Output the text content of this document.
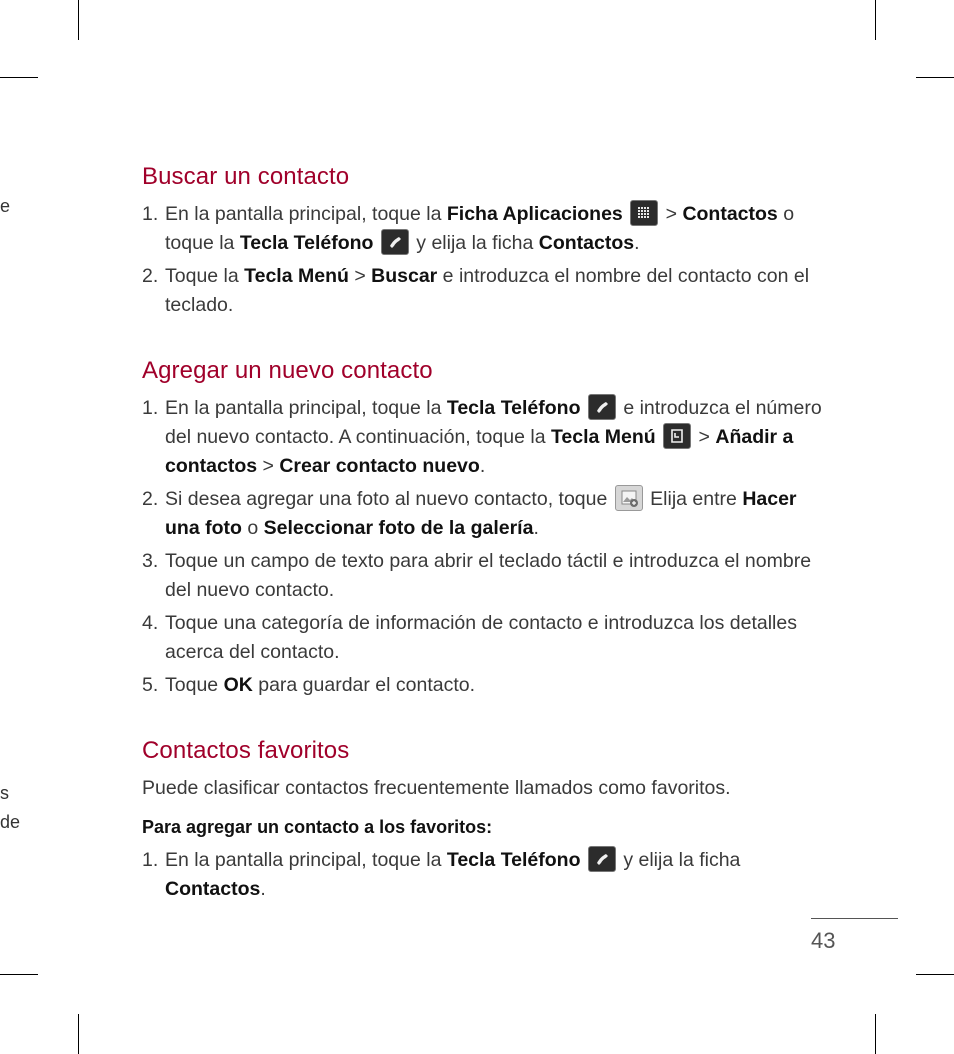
e
s
de
Buscar un contacto
1. En la pantalla principal, toque la Ficha Aplicaciones
> Contactos o toque la Tecla Teléfono
y elija la ficha Contactos.
2. Toque la Tecla Menú > Buscar e introduzca el nombre del contacto con el teclado.
Agregar un nuevo contacto
1. En la pantalla principal, toque la Tecla Teléfono
e introduzca el número del nuevo contacto. A continuación, toque la Tecla Menú
> Añadir a contactos > Crear contacto nuevo.
2. Si desea agregar una foto al nuevo contacto, toque
Elija entre Hacer una foto o Seleccionar foto de la galería.
3. Toque un campo de texto para abrir el teclado táctil e introduzca el nombre del nuevo contacto.
4. Toque una categoría de información de contacto e introduzca los detalles acerca del contacto.
5. Toque OK para guardar el contacto.
Contactos favoritos

Puede clasificar contactos frecuentemente llamados como favoritos.

Para agregar un contacto a los favoritos:

1. En la pantalla principal, toque la Tecla Teléfono
y elija la ficha Contactos.
43
